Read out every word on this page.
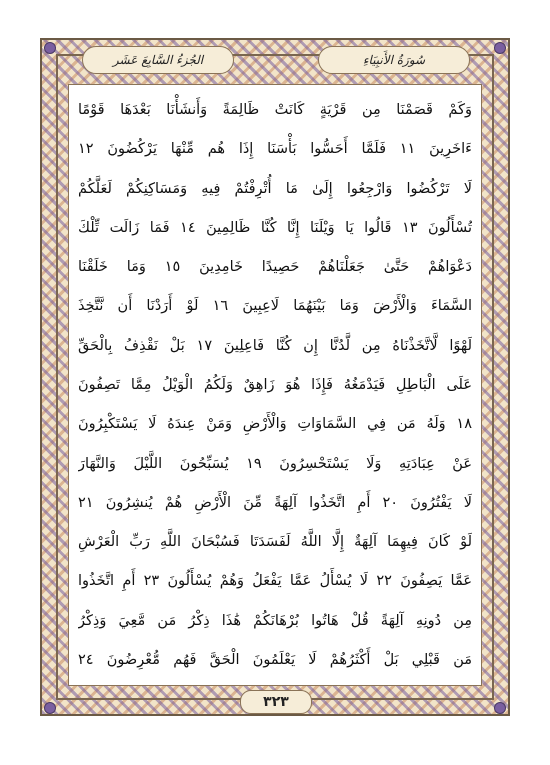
الجُزءُ السَّابِعَ عَشَر	سُورَةُ الأَنبِيَاءِ
وَكَمْ قَصَمْنَا مِن قَرْيَةٍ كَانَتْ ظَالِمَةً وَأَنشَأْنَا بَعْدَهَا قَوْمًا
ءَاخَرِينَ ١١ فَلَمَّا أَحَسُّوا بَأْسَنَا إِذَا هُم مِّنْهَا يَرْكُضُونَ ١٢
لَا تَرْكُضُوا وَارْجِعُوا إِلَىٰ مَا أُتْرِفْتُمْ فِيهِ وَمَسَاكِنِكُمْ لَعَلَّكُمْ
تُسْأَلُونَ ١٣ قَالُوا يَا وَيْلَنَا إِنَّا كُنَّا ظَالِمِينَ ١٤ فَمَا زَالَت تِّلْكَ
دَعْوَاهُمْ حَتَّىٰ جَعَلْنَاهُمْ حَصِيدًا خَامِدِينَ ١٥ وَمَا خَلَقْنَا
السَّمَاءَ وَالْأَرْضَ وَمَا بَيْنَهُمَا لَاعِبِينَ ١٦ لَوْ أَرَدْنَا أَن نَّتَّخِذَ
لَهْوًا لَّاتَّخَذْنَاهُ مِن لَّدُنَّا إِن كُنَّا فَاعِلِينَ ١٧ بَلْ نَقْذِفُ بِالْحَقِّ
عَلَى الْبَاطِلِ فَيَدْمَغُهُ فَإِذَا هُوَ زَاهِقٌ وَلَكُمُ الْوَيْلُ مِمَّا تَصِفُونَ
١٨ وَلَهُ مَن فِي السَّمَاوَاتِ وَالْأَرْضِ وَمَنْ عِندَهُ لَا يَسْتَكْبِرُونَ
عَنْ عِبَادَتِهِ وَلَا يَسْتَحْسِرُونَ ١٩ يُسَبِّحُونَ اللَّيْلَ وَالنَّهَارَ
لَا يَفْتُرُونَ ٢٠ أَمِ اتَّخَذُوا آلِهَةً مِّنَ الْأَرْضِ هُمْ يُنشِرُونَ ٢١
لَوْ كَانَ فِيهِمَا آلِهَةٌ إِلَّا اللَّهُ لَفَسَدَتَا فَسُبْحَانَ اللَّهِ رَبِّ الْعَرْشِ
عَمَّا يَصِفُونَ ٢٢ لَا يُسْأَلُ عَمَّا يَفْعَلُ وَهُمْ يُسْأَلُونَ ٢٣ أَمِ اتَّخَذُوا
مِن دُونِهِ آلِهَةً قُلْ هَاتُوا بُرْهَانَكُمْ هَٰذَا ذِكْرُ مَن مَّعِيَ وَذِكْرُ
مَن قَبْلِي بَلْ أَكْثَرُهُمْ لَا يَعْلَمُونَ الْحَقَّ فَهُم مُّعْرِضُونَ ٢٤
٣٢٣
